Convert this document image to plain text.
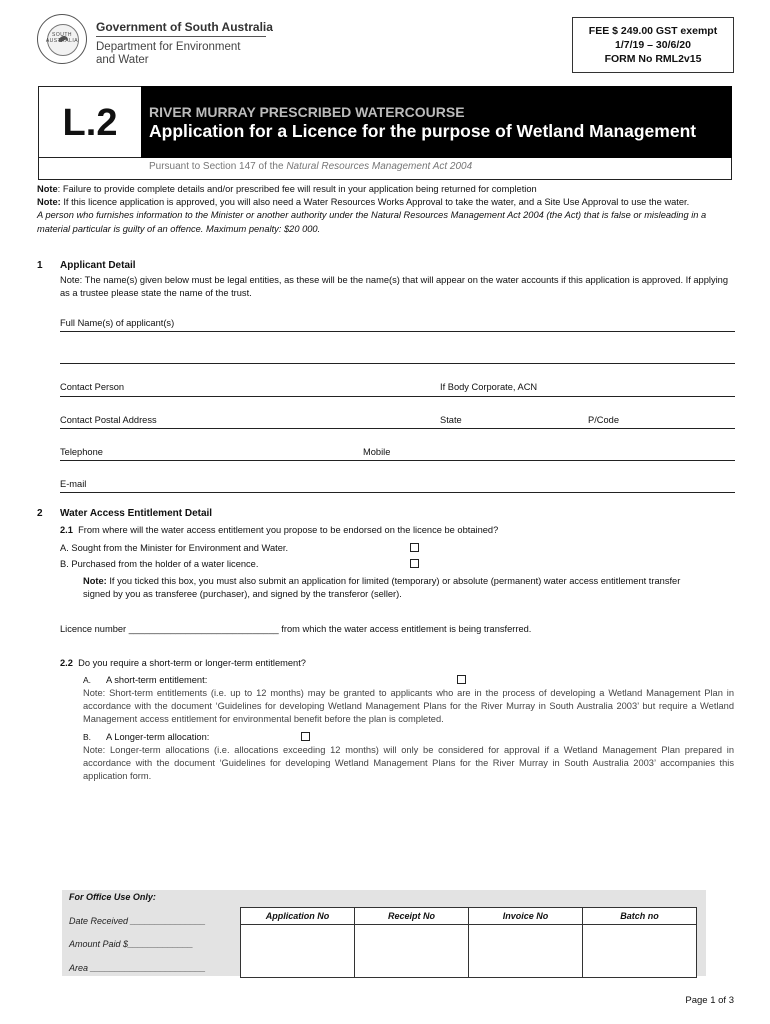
SOUTH AUSTRALIA
Government of South Australia
Department for Environment
and Water
FEE $ 249.00 GST exempt
1/7/19 – 30/6/20
FORM No RML2v15
L.2	RIVER MURRAY PRESCRIBED WATERCOURSE
Application for a Licence for the purpose of Wetland Management
Pursuant to Section 147 of the Natural Resources Management Act 2004

Note: Failure to provide complete details and/or prescribed fee will result in your application being returned for completion

Note: If this licence application is approved, you will also need a Water Resources Works Approval to take the water, and a Site Use Approval to use the water.

A person who furnishes information to the Minister or another authority under the Natural Resources Management Act 2004 (the Act) that is false or misleading in a material particular is guilty of an offence. Maximum penalty: $20 000.

1 Applicant Detail
Note: The name(s) given below must be legal entities, as these will be the name(s) that will appear on the water accounts if this application is approved. If applying as a trustee please state the name of the trust.
Full Name(s) of applicant(s)
Contact Person	If Body Corporate, ACN
Contact Postal Address	State	P/Code
Telephone	Mobile
E-mail
2 Water Access Entitlement Detail
2.1 From where will the water access entitlement you propose to be endorsed on the licence be obtained?
A. Sought from the Minister for Environment and Water.
B. Purchased from the holder of a water licence.
Note: If you ticked this box, you must also submit an application for limited (temporary) or absolute (permanent) water access entitlement transfer signed by you as transferee (purchaser), and signed by the transferor (seller).
Licence number _____________________________ from which the water access entitlement is being transferred.
2.2 Do you require a short-term or longer-term entitlement?
A. A short-term entitlement:
Note: Short-term entitlements (i.e. up to 12 months) may be granted to applicants who are in the process of developing a Wetland Management Plan in accordance with the document ‘Guidelines for developing Wetland Management Plans for the River Murray in South Australia 2003’ but require a Wetland Management access entitlement for environmental benefit before the plan is completed.
B. A Longer-term allocation:
Note: Longer-term allocations (i.e. allocations exceeding 12 months) will only be considered for approval if a Wetland Management Plan prepared in accordance with the document ‘Guidelines for developing Wetland Management Plans for the River Murray in South Australia 2003’ accompanies this application form.
For Office Use Only:
Date Received _______________
Amount Paid $_____________
Area _______________________
Application No	Receipt No	Invoice No	Batch no

Page 1 of 3
